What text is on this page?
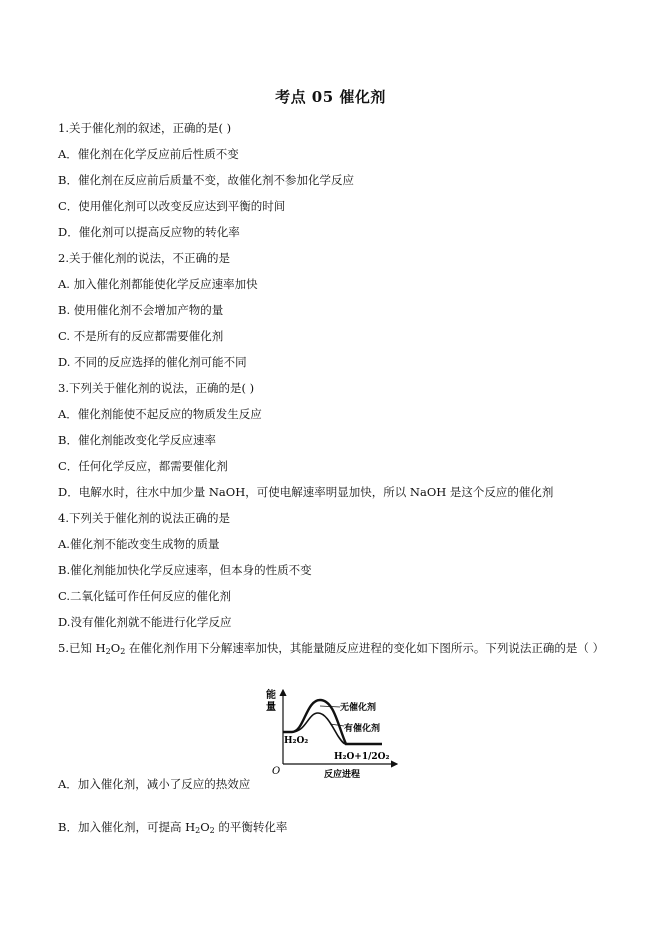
考点 05 催化剂
1.关于催化剂的叙述，正确的是( )
A．催化剂在化学反应前后性质不变
B．催化剂在反应前后质量不变，故催化剂不参加化学反应
C．使用催化剂可以改变反应达到平衡的时间
D．催化剂可以提高反应物的转化率
2.关于催化剂的说法，不正确的是
A. 加入催化剂都能使化学反应速率加快
B. 使用催化剂不会增加产物的量
C. 不是所有的反应都需要催化剂
D. 不同的反应选择的催化剂可能不同
3.下列关于催化剂的说法，正确的是( )
A．催化剂能使不起反应的物质发生反应
B．催化剂能改变化学反应速率
C．任何化学反应，都需要催化剂
D．电解水时，往水中加少量 NaOH，可使电解速率明显加快，所以 NaOH 是这个反应的催化剂
4.下列关于催化剂的说法正确的是
A.催化剂不能改变生成物的质量
B.催化剂能加快化学反应速率，但本身的性质不变
C.二氧化锰可作任何反应的催化剂
D.没有催化剂就不能进行化学反应
5.已知 $H_2O_2$ 在催化剂作用下分解速率加快，其能量随反应进程的变化如下图所示。下列说法正确的是（ ）
能
量
O	反应进程
无催化剂
有催化剂
H₂O₂
H₂O+1/2O₂
A．加入催化剂，减小了反应的热效应
B．加入催化剂，可提高 $H_2O_2$ 的平衡转化率
